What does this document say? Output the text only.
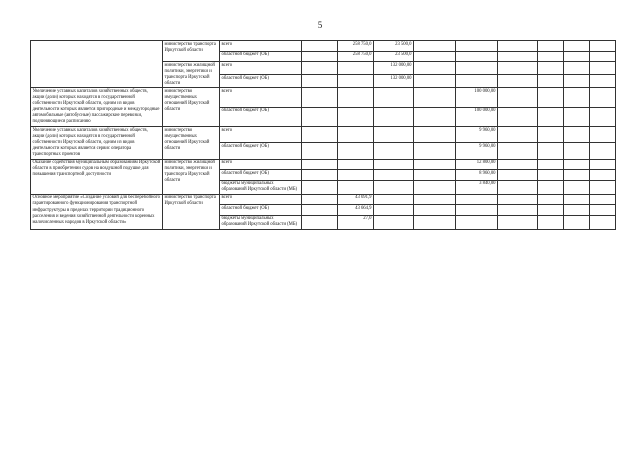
5
	министерство транспорта Иркутской области	всего		258 750,0	23 500,0						
		областной бюджет (ОБ)		258 750,0	23 500,0						
	министерство жилищной политики, энергетики и транспорта Иркутской области	всего			132 000,00						
		областной бюджет (ОБ)			132 000,00						
Увеличение уставных капиталов хозяйственных обществ, акции (доли) которых находятся в государственной собственности Иркутской области, одним из видов деятельности которых является пригородные и междугородные автомобильные (автобусные) пассажирские перевозки, подчиняющиеся расписанию	министерство имущественных отношений Иркутской области	всего					100 000,00				
		областной бюджет (ОБ)					100 000,00				
Увеличение уставных капиталов хозяйственных обществ, акции (доли) которых находятся в государственной собственности Иркутской области, одним из видов деятельности которых является сервис оператора транспортных проектов	министерство имущественных отношений Иркутской области	всего					9 960,00				
		областной бюджет (ОБ)					9 960,00				
Оказание содействия муниципальным образованиям Иркутской области в приобретении судов на воздушной подушке для повышения транспортной доступности	министерство жилищной политики, энергетики и транспорта Иркутской области	всего					12 800,00				
		областной бюджет (ОБ)					8 960,00				
		бюджеты муниципальных образований Иркутской области (МБ)					3 840,00				
Основное мероприятие «Создание условий для бесперебойного гарантированного функционирования транспортной инфраструктуры в пределах территории традиционного расселения и ведения хозяйственной деятельности коренных малочисленных народов в Иркутской области»	министерство транспорта Иркутской области	всего		43 691,9							
		областной бюджет (ОБ)		43 664,9							
		бюджеты муниципальных образований Иркутской области (МБ)		27,0							
